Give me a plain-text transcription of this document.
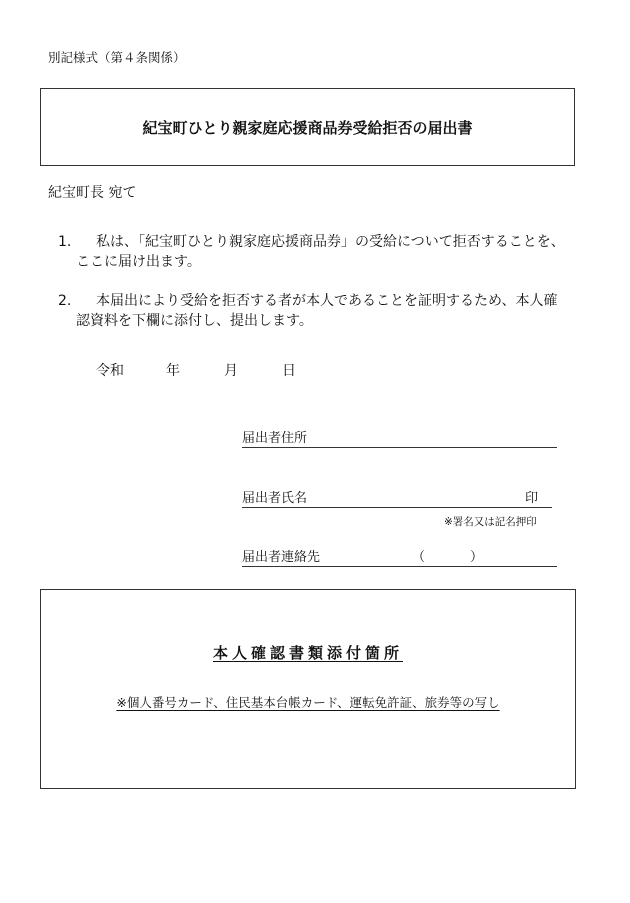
別記様式（第４条関係）
紀宝町ひとり親家庭応援商品券受給拒否の届出書
紀宝町長 宛て
1. 私は、「紀宝町ひとり親家庭応援商品券」の受給について拒否することを、
ここに届け出ます。
2. 本届出により受給を拒否する者が本人であることを証明するため、本人確
認資料を下欄に添付し、提出します。
令和	年	月	日
届出者住所
届出者氏名	印
※署名又は記名押印
届出者連絡先	（	）
本人確認書類添付箇所
※個人番号カード、住民基本台帳カード、運転免許証、旅券等の写し
